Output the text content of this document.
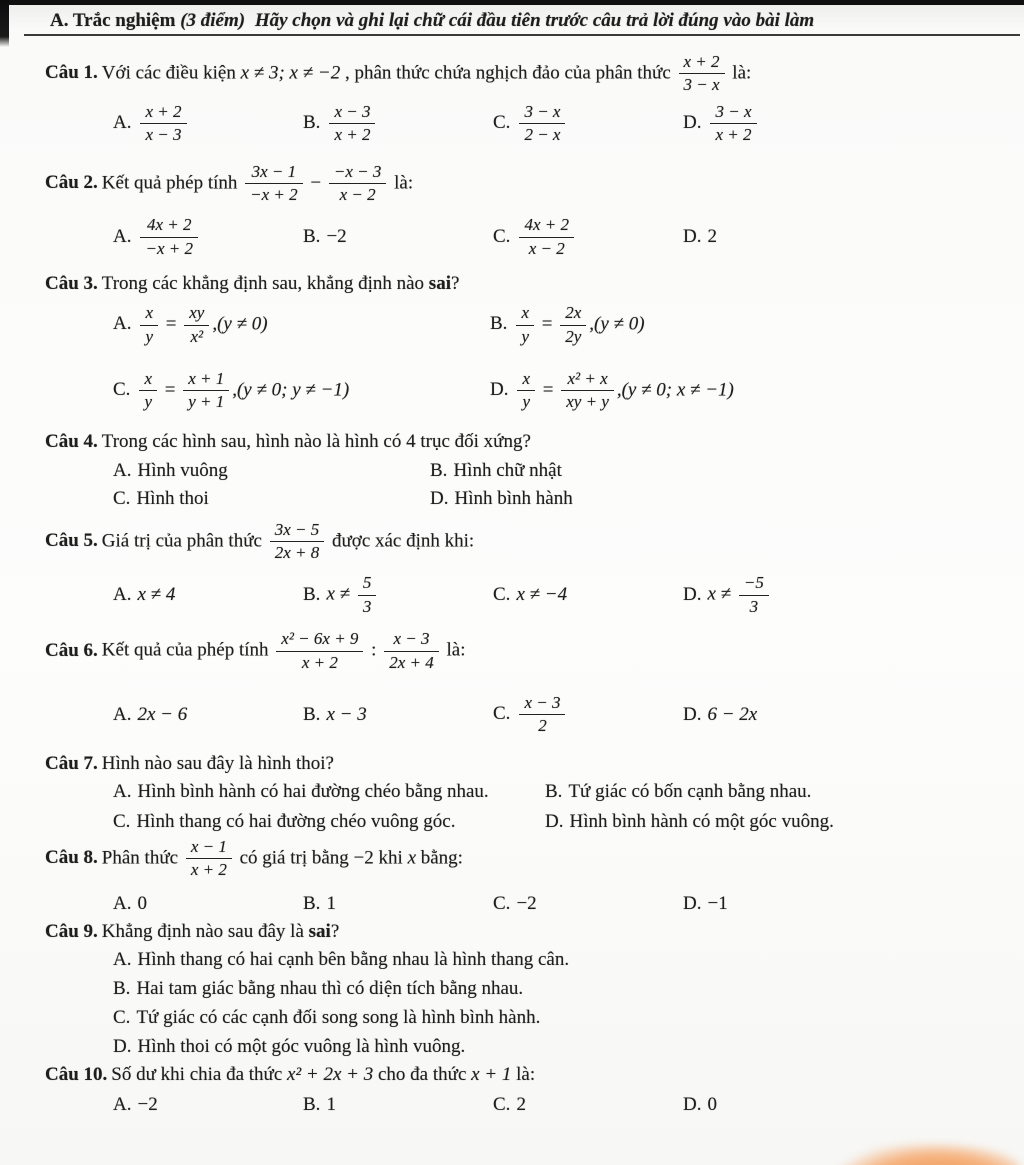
A. Trắc nghiệm (3 điểm) Hãy chọn và ghi lại chữ cái đầu tiên trước câu trả lời đúng vào bài làm
Câu 1. Với các điều kiện x ≠ 3; x ≠ −2 , phân thức chứa nghịch đảo của phân thức $\frac{x + 2}{3 - x}$ là:
A. $\frac{x + 2}{x - 3}$	B. $\frac{x - 3}{x + 2}$	C. $\frac{3 - x}{2 - x}$	D. $\frac{3 - x}{x + 2}$
Câu 2. Kết quả phép tính $\frac{3x - 1}{-x + 2} - \frac{-x - 3}{x - 2}$ là:
A. $\frac{4x + 2}{-x + 2}$	B. −2	C. $\frac{4x + 2}{x - 2}$	D. 2
Câu 3. Trong các khẳng định sau, khẳng định nào sai?
A. $\frac{x}{y} = \frac{xy}{\text{x²}} ,(y \ne 0)$	B. $\frac{x}{y} = \frac{2x}{2y} ,(y \ne 0)$
C. $\frac{x}{y} = \frac{x + 1}{y + 1} ,(y \ne 0$; y ≠ −1)	D. $\frac{x}{y} = \frac{\text{x² + x}}{xy + y} ,(y \ne 0$; x ≠ −1)
Câu 4. Trong các hình sau, hình nào là hình có 4 trục đối xứng?
A. Hình vuông	B. Hình chữ nhật
C. Hình thoi	D. Hình bình hành
Câu 5. Giá trị của phân thức $\frac{3x - 5}{2x + 8}$ được xác định khi:
A. x ≠ 4	B. $x \ne \frac{5}{3}$	C. x ≠ −4	D. $x \ne \frac{-5}{3}$
Câu 6. Kết quả của phép tính $\frac{\text{x² − 6x + 9}}{x + 2}$ : $\frac{x - 3}{2x + 4}$ là:
A. 2x − 6	B. x − 3	C. $\frac{x - 3}{2}$	D. 6 − 2x
Câu 7. Hình nào sau đây là hình thoi?
A. Hình bình hành có hai đường chéo bằng nhau.	B. Tứ giác có bốn cạnh bằng nhau.
C. Hình thang có hai đường chéo vuông góc.	D. Hình bình hành có một góc vuông.
Câu 8. Phân thức $\frac{x - 1}{x + 2}$ có giá trị bằng −2 khi x bằng:
A. 0	B. 1	C. −2	D. −1
Câu 9. Khẳng định nào sau đây là sai?
A. Hình thang có hai cạnh bên bằng nhau là hình thang cân.
B. Hai tam giác bằng nhau thì có diện tích bằng nhau.
C. Tứ giác có các cạnh đối song song là hình bình hành.
D. Hình thoi có một góc vuông là hình vuông.
Câu 10. Số dư khi chia đa thức x² + 2x + 3 cho đa thức x + 1 là:
A. −2	B. 1	C. 2	D. 0
